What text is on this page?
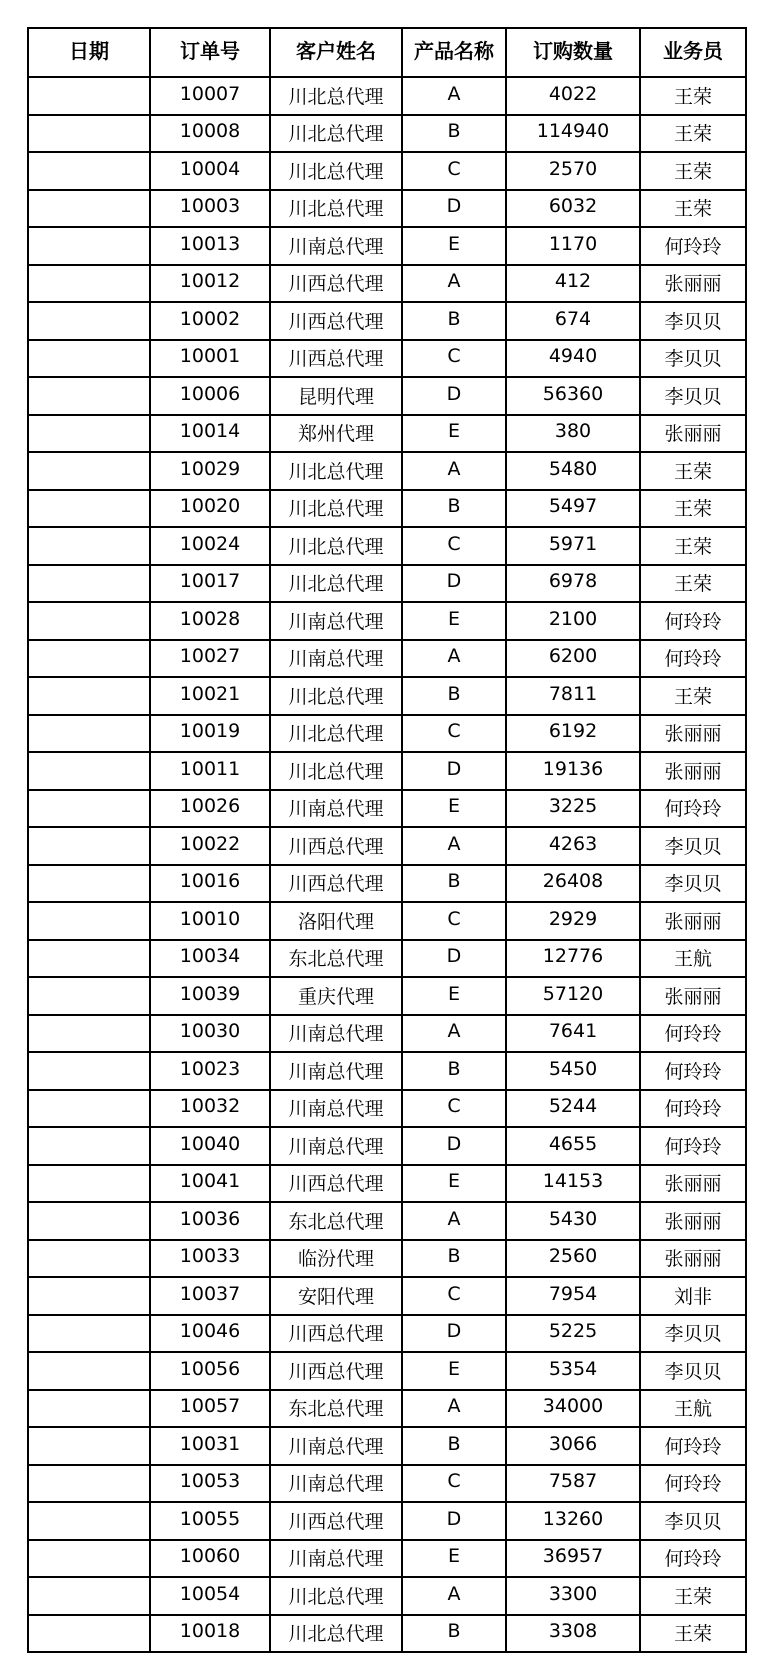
日期	订单号	客户姓名	产品名称	订购数量	业务员
	10007	川北总代理	A	4022	王荣
	10008	川北总代理	B	114940	王荣
	10004	川北总代理	C	2570	王荣
	10003	川北总代理	D	6032	王荣
	10013	川南总代理	E	1170	何玲玲
	10012	川西总代理	A	412	张丽丽
	10002	川西总代理	B	674	李贝贝
	10001	川西总代理	C	4940	李贝贝
	10006	昆明代理	D	56360	李贝贝
	10014	郑州代理	E	380	张丽丽
	10029	川北总代理	A	5480	王荣
	10020	川北总代理	B	5497	王荣
	10024	川北总代理	C	5971	王荣
	10017	川北总代理	D	6978	王荣
	10028	川南总代理	E	2100	何玲玲
	10027	川南总代理	A	6200	何玲玲
	10021	川北总代理	B	7811	王荣
	10019	川北总代理	C	6192	张丽丽
	10011	川北总代理	D	19136	张丽丽
	10026	川南总代理	E	3225	何玲玲
	10022	川西总代理	A	4263	李贝贝
	10016	川西总代理	B	26408	李贝贝
	10010	洛阳代理	C	2929	张丽丽
	10034	东北总代理	D	12776	王航
	10039	重庆代理	E	57120	张丽丽
	10030	川南总代理	A	7641	何玲玲
	10023	川南总代理	B	5450	何玲玲
	10032	川南总代理	C	5244	何玲玲
	10040	川南总代理	D	4655	何玲玲
	10041	川西总代理	E	14153	张丽丽
	10036	东北总代理	A	5430	张丽丽
	10033	临汾代理	B	2560	张丽丽
	10037	安阳代理	C	7954	刘非
	10046	川西总代理	D	5225	李贝贝
	10056	川西总代理	E	5354	李贝贝
	10057	东北总代理	A	34000	王航
	10031	川南总代理	B	3066	何玲玲
	10053	川南总代理	C	7587	何玲玲
	10055	川西总代理	D	13260	李贝贝
	10060	川南总代理	E	36957	何玲玲
	10054	川北总代理	A	3300	王荣
	10018	川北总代理	B	3308	王荣
